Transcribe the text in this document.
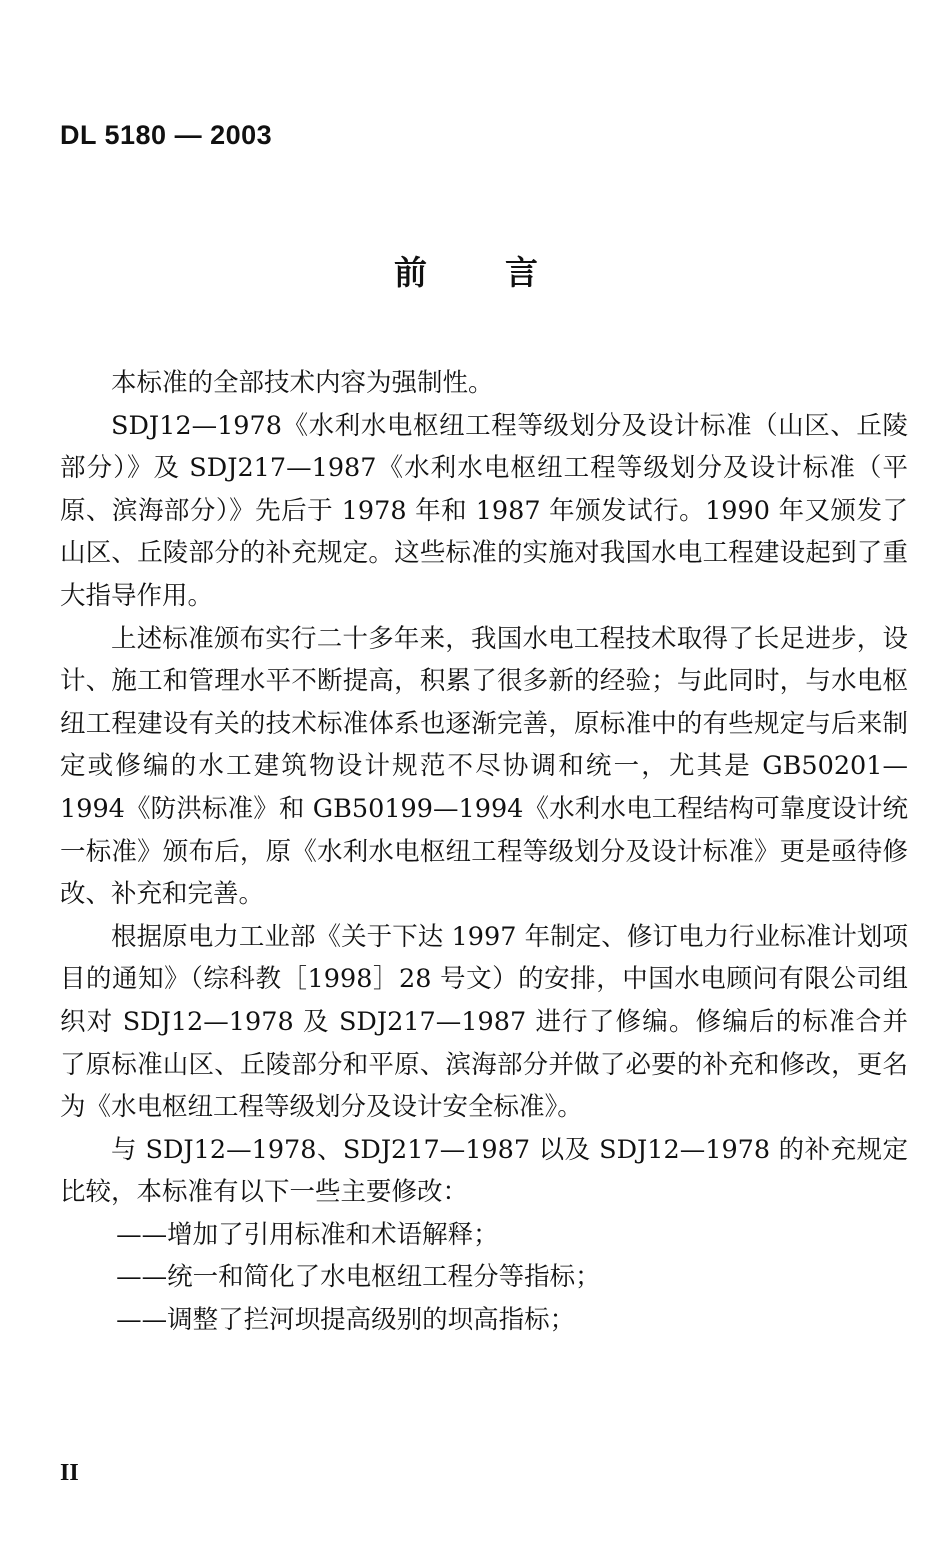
DL 5180 — 2003
前言

本标准的全部技术内容为强制性。

SDJ12—1978《水利水电枢纽工程等级划分及设计标准（山区、丘陵部分）》及 SDJ217—1987《水利水电枢纽工程等级划分及设计标准（平原、滨海部分）》先后于 1978 年和 1987 年颁发试行。1990 年又颁发了山区、丘陵部分的补充规定。这些标准的实施对我国水电工程建设起到了重大指导作用。

上述标准颁布实行二十多年来，我国水电工程技术取得了长足进步，设计、施工和管理水平不断提高，积累了很多新的经验；与此同时，与水电枢纽工程建设有关的技术标准体系也逐渐完善，原标准中的有些规定与后来制定或修编的水工建筑物设计规范不尽协调和统一，尤其是 GB50201—1994《防洪标准》和 GB50199—1994《水利水电工程结构可靠度设计统一标准》颁布后，原《水利水电枢纽工程等级划分及设计标准》更是亟待修改、补充和完善。

根据原电力工业部《关于下达 1997 年制定、修订电力行业标准计划项目的通知》（综科教［1998］28 号文）的安排，中国水电顾问有限公司组织对 SDJ12—1978 及 SDJ217—1987 进行了修编。修编后的标准合并了原标准山区、丘陵部分和平原、滨海部分并做了必要的补充和修改，更名为《水电枢纽工程等级划分及设计安全标准》。

与 SDJ12—1978、SDJ217—1987 以及 SDJ12—1978 的补充规定比较，本标准有以下一些主要修改：

——增加了引用标准和术语解释；

——统一和简化了水电枢纽工程分等指标；

——调整了拦河坝提高级别的坝高指标；

II
